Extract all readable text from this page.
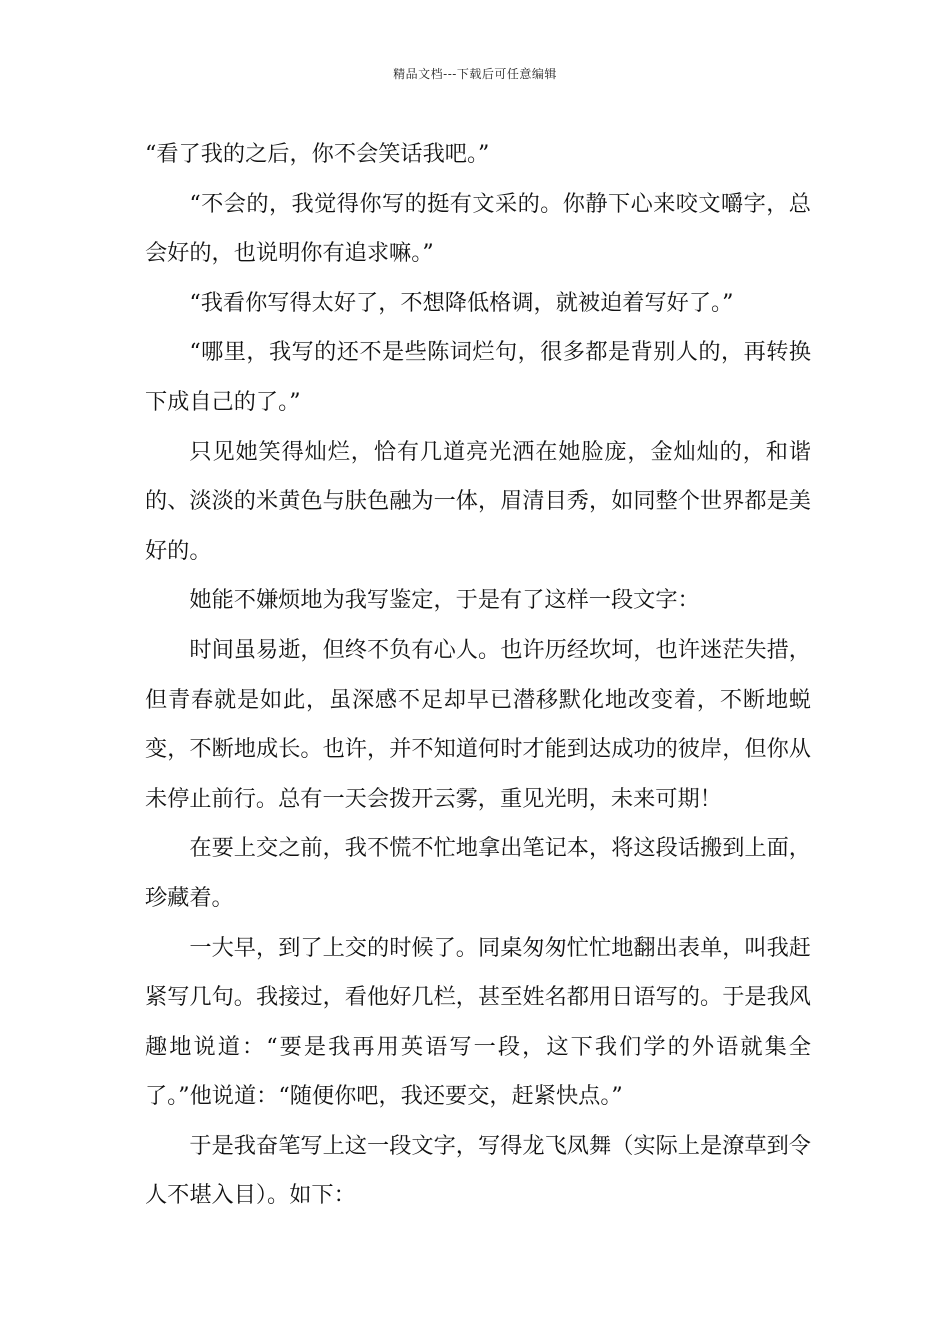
精品文档---下载后可任意编辑

“看了我的之后，你不会笑话我吧。”

“不会的，我觉得你写的挺有文采的。你静下心来咬文嚼字，总会好的，也说明你有追求嘛。”

“我看你写得太好了，不想降低格调，就被迫着写好了。”

“哪里，我写的还不是些陈词烂句，很多都是背别人的，再转换下成自己的了。”

只见她笑得灿烂，恰有几道亮光洒在她脸庞，金灿灿的，和谐的、淡淡的米黄色与肤色融为一体，眉清目秀，如同整个世界都是美好的。

她能不嫌烦地为我写鉴定，于是有了这样一段文字：

时间虽易逝，但终不负有心人。也许历经坎坷，也许迷茫失措，但青春就是如此，虽深感不足却早已潜移默化地改变着，不断地蜕变，不断地成长。也许，并不知道何时才能到达成功的彼岸，但你从未停止前行。总有一天会拨开云雾，重见光明，未来可期！

在要上交之前，我不慌不忙地拿出笔记本，将这段话搬到上面，珍藏着。

一大早，到了上交的时候了。同桌匆匆忙忙地翻出表单，叫我赶紧写几句。我接过，看他好几栏，甚至姓名都用日语写的。于是我风趣地说道：“要是我再用英语写一段，这下我们学的外语就集全了。”他说道：“随便你吧，我还要交，赶紧快点。”

于是我奋笔写上这一段文字，写得龙飞凤舞（实际上是潦草到令人不堪入目）。如下：
